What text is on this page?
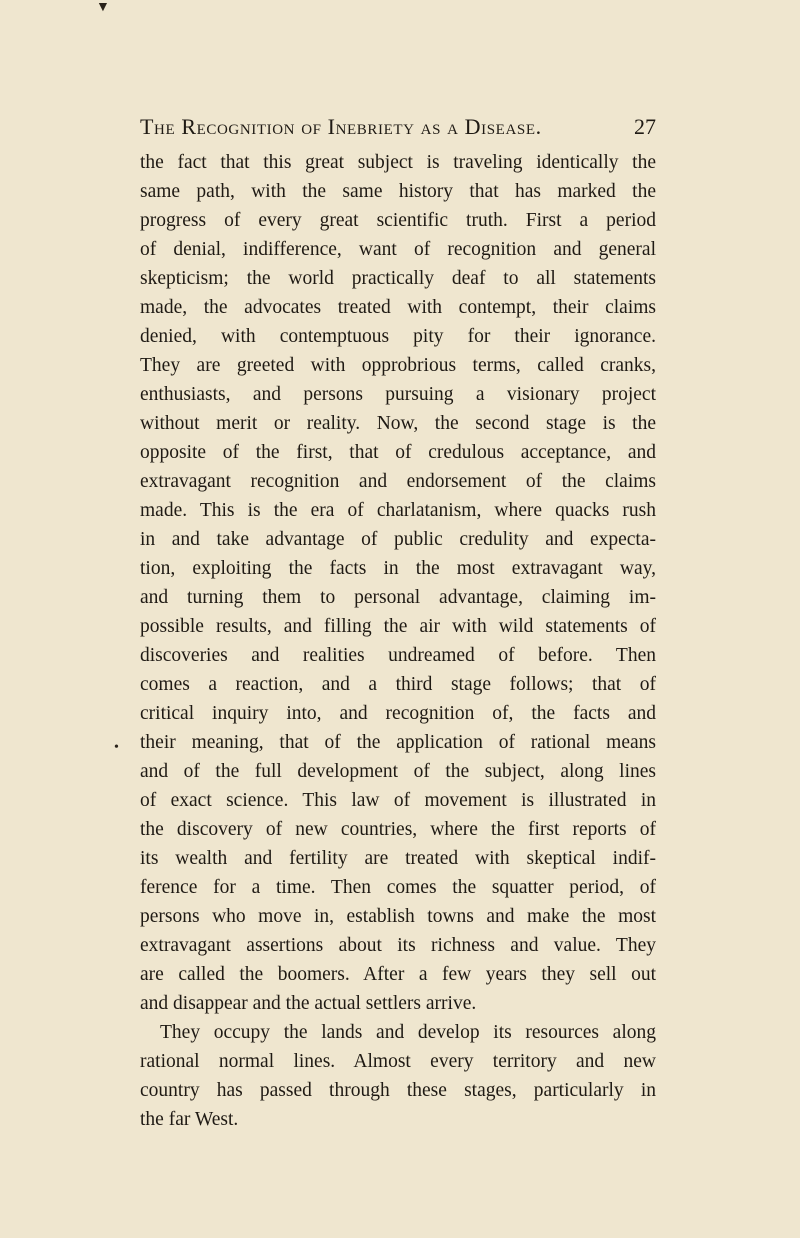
▼
The Recognition of Inebriety as a Disease.	27
the fact that this great subject is traveling identically the
same path, with the same history that has marked the
progress of every great scientific truth. First a period
of denial, indifference, want of recognition and general
skepticism; the world practically deaf to all statements
made, the advocates treated with contempt, their claims
denied, with contemptuous pity for their ignorance.
They are greeted with opprobrious terms, called cranks,
enthusiasts, and persons pursuing a visionary project
without merit or reality. Now, the second stage is the
opposite of the first, that of credulous acceptance, and
extravagant recognition and endorsement of the claims
made. This is the era of charlatanism, where quacks rush
in and take advantage of public credulity and expecta-
tion, exploiting the facts in the most extravagant way,
and turning them to personal advantage, claiming im-
possible results, and filling the air with wild statements of
discoveries and realities undreamed of before. Then
comes a reaction, and a third stage follows; that of
critical inquiry into, and recognition of, the facts and
their meaning, that of the application of rational means
and of the full development of the subject, along lines
of exact science. This law of movement is illustrated in
the discovery of new countries, where the first reports of
its wealth and fertility are treated with skeptical indif-
ference for a time. Then comes the squatter period, of
persons who move in, establish towns and make the most
extravagant assertions about its richness and value. They
are called the boomers. After a few years they sell out
and disappear and the actual settlers arrive.
They occupy the lands and develop its resources along
rational normal lines. Almost every territory and new
country has passed through these stages, particularly in
the far West.
•
